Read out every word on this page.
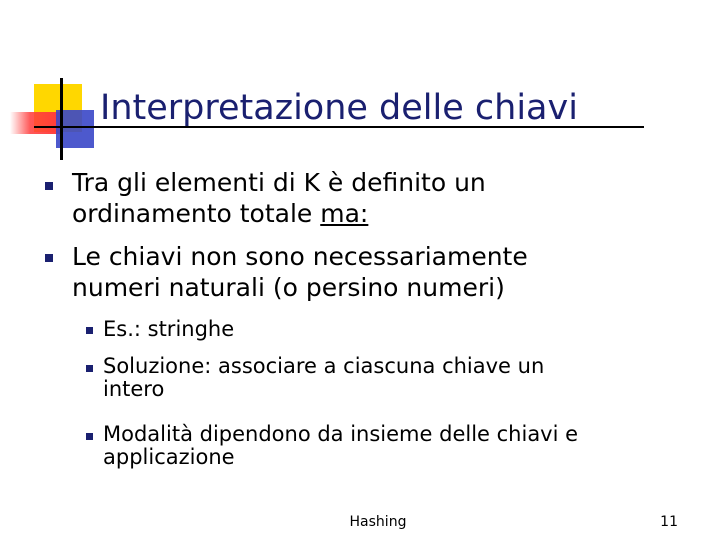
Interpretazione delle chiavi
Tra gli elementi di K è definito un
ordinamento totale ma:
Le chiavi non sono necessariamente
numeri naturali (o persino numeri)
Es.: stringhe
Soluzione: associare a ciascuna chiave un
intero
Modalità dipendono da insieme delle chiavi e
applicazione
Hashing	11
